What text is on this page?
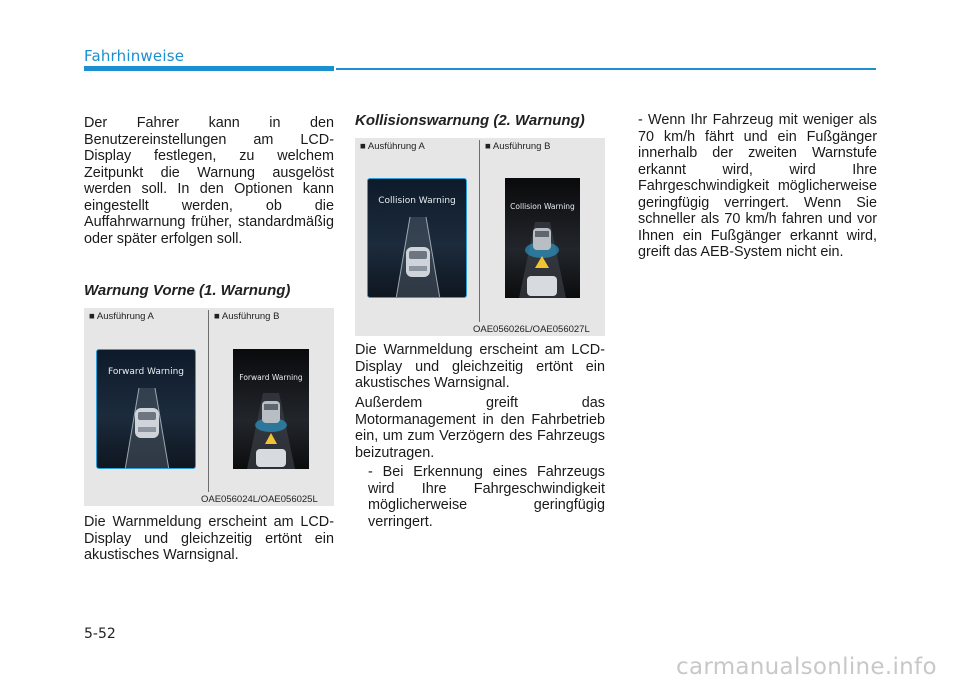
Fahrhinweise
Der Fahrer kann in den Benutzereinstellungen am LCD-Display festlegen, zu welchem Zeitpunkt die Warnung ausgelöst werden soll. In den Optionen kann eingestellt werden, ob die Auffahrwarnung früher, standardmäßig oder später erfolgen soll.
Warnung Vorne (1. Warnung)
■ Ausführung A	■ Ausführung B
Forward Warning
Forward Warning
OAE056024L/OAE056025L
Die Warnmeldung erscheint am LCD-Display und gleichzeitig ertönt ein akustisches Warnsignal.
Kollisionswarnung (2. Warnung)
■ Ausführung A	■ Ausführung B
Collision Warning
Collision Warning
OAE056026L/OAE056027L
Die Warnmeldung erscheint am LCD-Display und gleichzeitig ertönt ein akustisches Warnsignal.
Außerdem greift das Motormanagement in den Fahrbetrieb ein, um zum Verzögern des Fahrzeugs beizutragen.
- Bei Erkennung eines Fahrzeugs wird Ihre Fahrgeschwindigkeit möglicherweise geringfügig verringert.
- Wenn Ihr Fahrzeug mit weniger als 70 km/h fährt und ein Fußgänger innerhalb der zweiten Warnstufe erkannt wird, wird Ihre Fahrgeschwindigkeit möglicherweise geringfügig verringert. Wenn Sie schneller als 70 km/h fahren und vor Ihnen ein Fußgänger erkannt wird, greift das AEB-System nicht ein.
5-52
carmanualsonline.info
